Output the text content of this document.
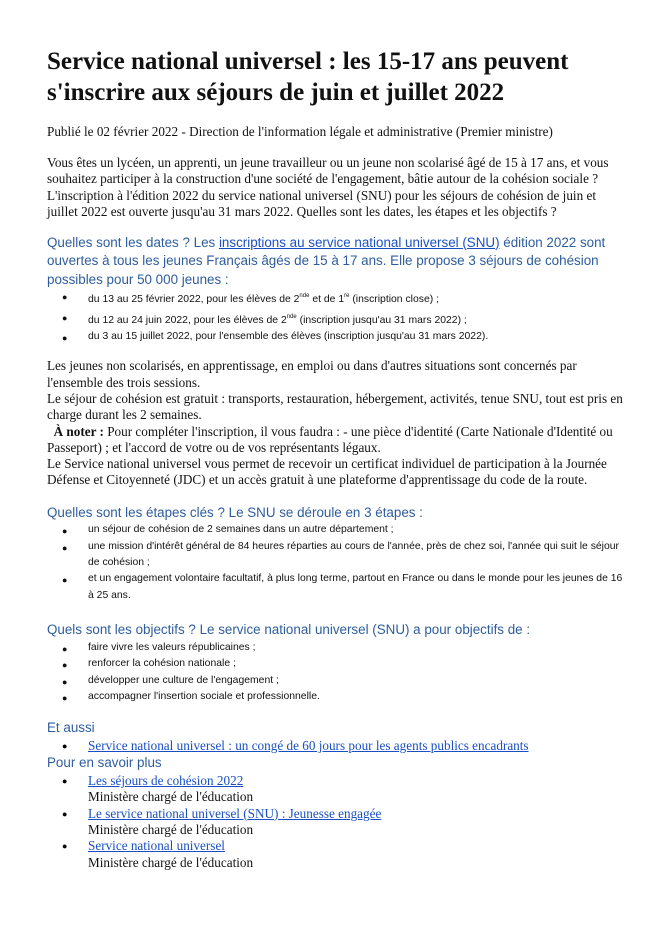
Service national universel : les 15-17 ans peuvent s'inscrire aux séjours de juin et juillet 2022
Publié le 02 février 2022 - Direction de l'information légale et administrative (Premier ministre)
Vous êtes un lycéen, un apprenti, un jeune travailleur ou un jeune non scolarisé âgé de 15 à 17 ans, et vous souhaitez participer à la construction d'une société de l'engagement, bâtie autour de la cohésion sociale ? L'inscription à l'édition 2022 du service national universel (SNU) pour les séjours de cohésion de juin et juillet 2022 est ouverte jusqu'au 31 mars 2022. Quelles sont les dates, les étapes et les objectifs ?
Quelles sont les dates ? Les inscriptions au service national universel (SNU) édition 2022 sont ouvertes à tous les jeunes Français âgés de 15 à 17 ans. Elle propose 3 séjours de cohésion possibles pour 50 000 jeunes :
● du 13 au 25 février 2022, pour les élèves de 2nde et de 1re (inscription close) ;
● du 12 au 24 juin 2022, pour les élèves de 2nde (inscription jusqu'au 31 mars 2022) ;
● du 3 au 15 juillet 2022, pour l'ensemble des élèves (inscription jusqu'au 31 mars 2022).
Les jeunes non scolarisés, en apprentissage, en emploi ou dans d'autres situations sont concernés par l'ensemble des trois sessions.
Le séjour de cohésion est gratuit : transports, restauration, hébergement, activités, tenue SNU, tout est pris en charge durant les 2 semaines.
À noter : Pour compléter l'inscription, il vous faudra : - une pièce d'identité (Carte Nationale d'Identité ou Passeport) ; et l'accord de votre ou de vos représentants légaux.
Le Service national universel vous permet de recevoir un certificat individuel de participation à la Journée Défense et Citoyenneté (JDC) et un accès gratuit à une plateforme d'apprentissage du code de la route.
Quelles sont les étapes clés ? Le SNU se déroule en 3 étapes :
● un séjour de cohésion de 2 semaines dans un autre département ;
● une mission d'intérêt général de 84 heures réparties au cours de l'année, près de chez soi, l'année qui suit le séjour de cohésion ;
● et un engagement volontaire facultatif, à plus long terme, partout en France ou dans le monde pour les jeunes de 16 à 25 ans.
Quels sont les objectifs ? Le service national universel (SNU) a pour objectifs de :
● faire vivre les valeurs républicaines ;
● renforcer la cohésion nationale ;
● développer une culture de l'engagement ;
● accompagner l'insertion sociale et professionnelle.
Et aussi
● Service national universel : un congé de 60 jours pour les agents publics encadrants
Pour en savoir plus
● Les séjours de cohésion 2022
Ministère chargé de l'éducation
● Le service national universel (SNU) : Jeunesse engagée
Ministère chargé de l'éducation
● Service national universel
Ministère chargé de l'éducation
